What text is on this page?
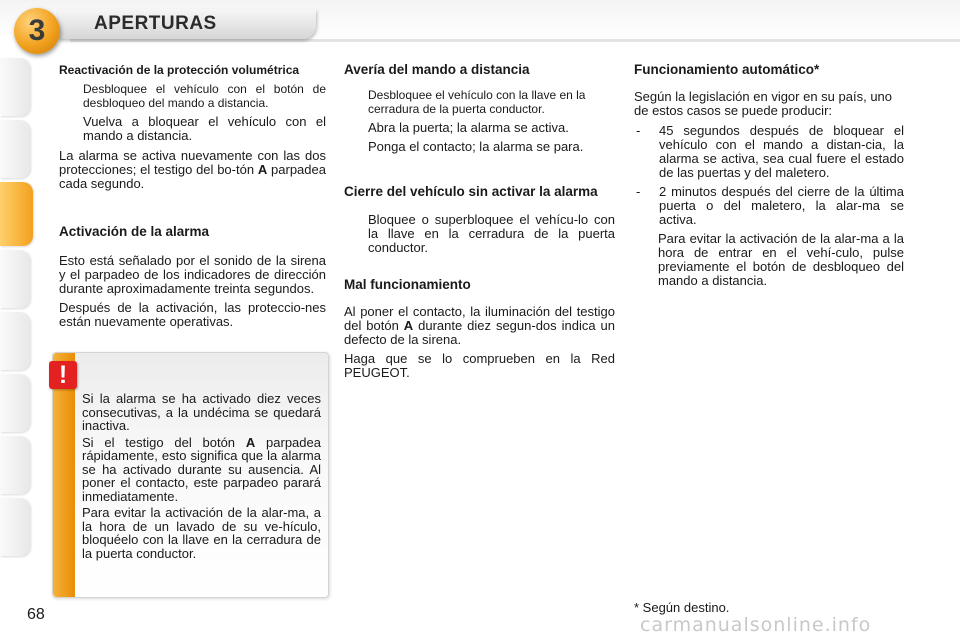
3	APERTURAS
Reactivación de la protección volumétrica
Desbloquee el vehículo con el botón de desbloqueo del mando a distancia.
Vuelva a bloquear el vehículo con el mando a distancia.

La alarma se activa nuevamente con las dos protecciones; el testigo del bo-tón A parpadea cada segundo.

Activación de la alarma

Esto está señalado por el sonido de la sirena y el parpadeo de los indicadores de dirección durante aproximadamente treinta segundos.

Después de la activación, las proteccio-nes están nuevamente operativas.

!

Si la alarma se ha activado diez veces consecutivas, a la undécima se quedará inactiva.

Si el testigo del botón A parpadea rápidamente, esto significa que la alarma se ha activado durante su ausencia. Al poner el contacto, este parpadeo parará inmediatamente.

Para evitar la activación de la alar-ma, a la hora de un lavado de su ve-hículo, bloquéelo con la llave en la cerradura de la puerta conductor.

Avería del mando a distancia
Desbloquee el vehículo con la llave en la cerradura de la puerta conductor.
Abra la puerta; la alarma se activa.
Ponga el contacto; la alarma se para.
Cierre del vehículo sin activar la alarma
Bloquee o superbloquee el vehícu-lo con la llave en la cerradura de la puerta conductor.
Mal funcionamiento

Al poner el contacto, la iluminación del testigo del botón A durante diez segun-dos indica un defecto de la sirena.

Haga que se lo comprueben en la Red PEUGEOT.

Funcionamiento automático*

Según la legislación en vigor en su país, uno de estos casos se puede producir:

- 45 segundos después de bloquear el vehículo con el mando a distan-cia, la alarma se activa, sea cual fuere el estado de las puertas y del maletero.
- 2 minutos después del cierre de la última puerta o del maletero, la alar-ma se activa.
Para evitar la activación de la alar-ma a la hora de entrar en el vehí-culo, pulse previamente el botón de desbloqueo del mando a distancia.
68	* Según destino.
carmanualsonline.info
